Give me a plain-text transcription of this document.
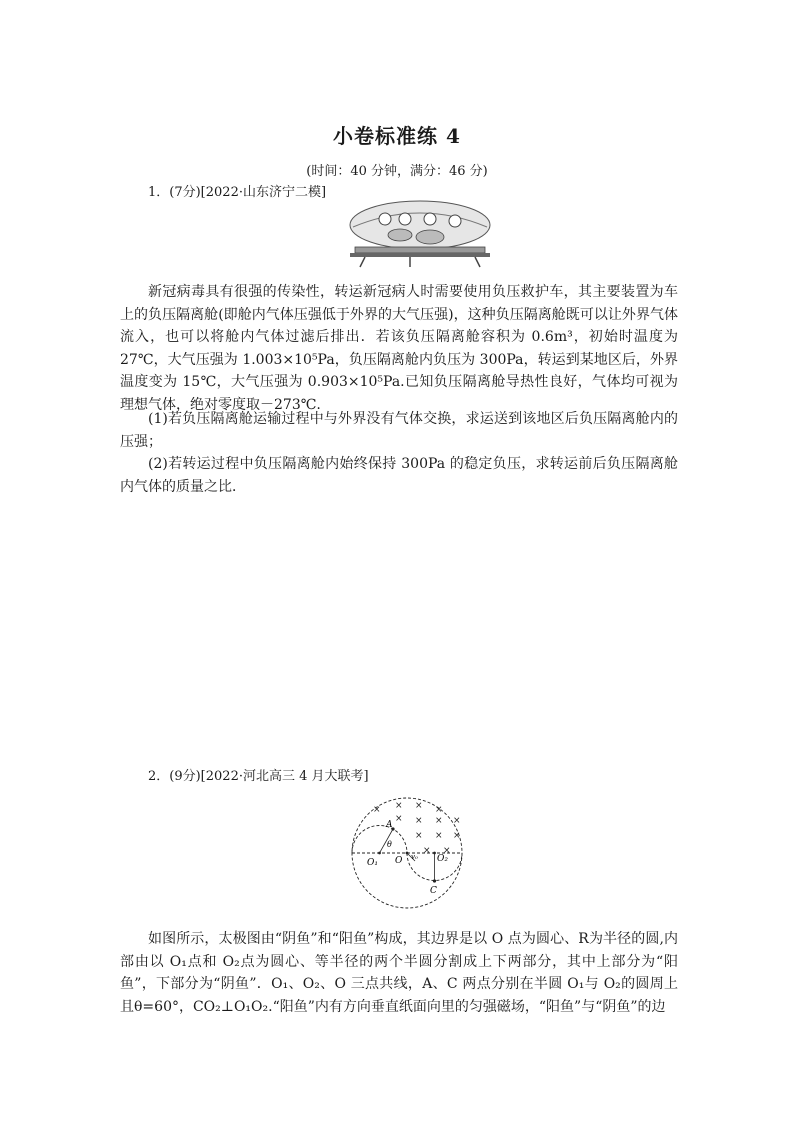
小卷标准练 4
(时间：40 分钟，满分：46 分)
1．(7分)[2022·山东济宁二模]
新冠病毒具有很强的传染性，转运新冠病人时需要使用负压救护车，其主要装置为车上的负压隔离舱(即舱内气体压强低于外界的大气压强)，这种负压隔离舱既可以让外界气体流入，也可以将舱内气体过滤后排出．若该负压隔离舱容积为 0.6m³，初始时温度为 27℃，大气压强为 1.003×10⁵Pa，负压隔离舱内负压为 300Pa，转运到某地区后，外界温度变为 15℃，大气压强为 0.903×10⁵Pa.已知负压隔离舱导热性良好，气体均可视为理想气体，绝对零度取－273℃.
(1)若负压隔离舱运输过程中与外界没有气体交换，求运送到该地区后负压隔离舱内的压强；
(2)若转运过程中负压隔离舱内始终保持 300Pa 的稳定负压，求转运前后负压隔离舱内气体的质量之比．
2．(9分)[2022·河北高三 4 月大联考]
× × × ×
× × × ×
× × ×
× ×
A
θ
O₁ O v₀ O₂
C
如图所示，太极图由“阴鱼”和“阳鱼”构成，其边界是以 O 点为圆心、R为半径的圆,内部由以 O₁点和 O₂点为圆心、等半径的两个半圆分割成上下两部分，其中上部分为“阳鱼”，下部分为“阴鱼”．O₁、O₂、O 三点共线，A、C 两点分别在半圆 O₁与 O₂的圆周上且θ=60°，CO₂⊥O₁O₂.“阳鱼”内有方向垂直纸面向里的匀强磁场，“阳鱼”与“阴鱼”的边
